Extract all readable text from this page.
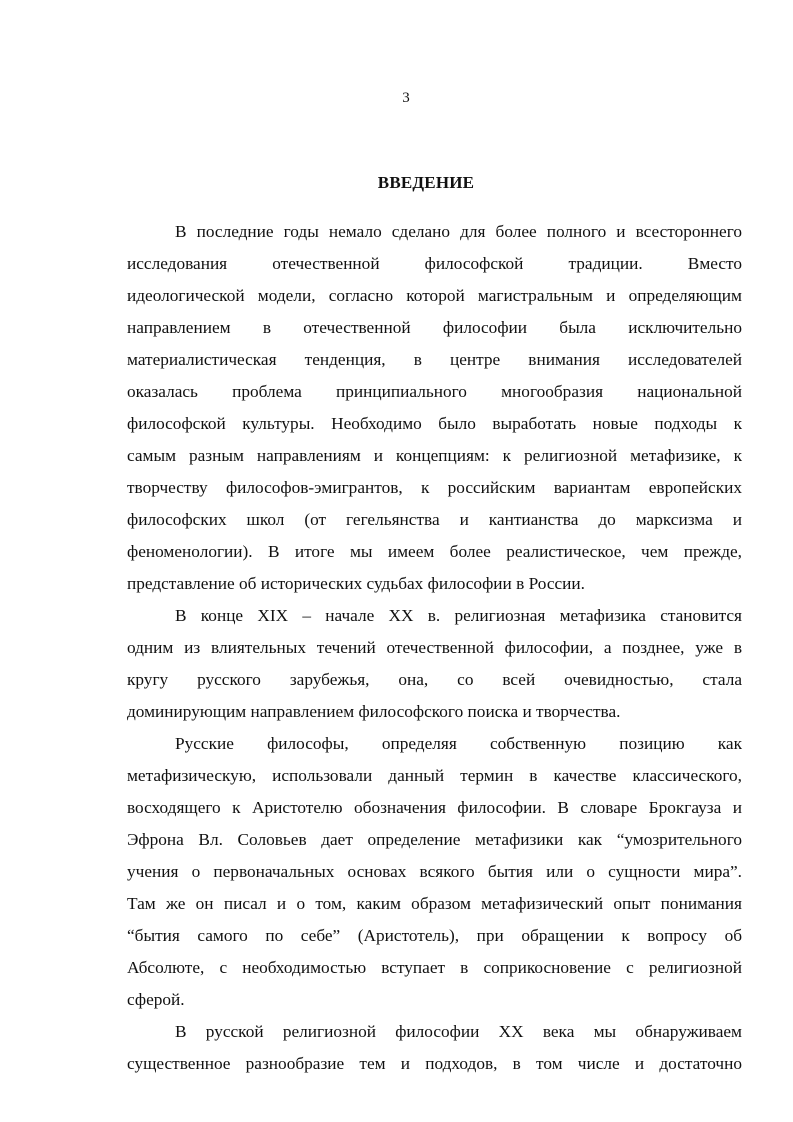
3
ВВЕДЕНИЕ
В последние годы немало сделано для более полного и всестороннего
исследования отечественной философской традиции. Вместо
идеологической модели, согласно которой магистральным и определяющим
направлением в отечественной философии была исключительно
материалистическая тенденция, в центре внимания исследователей
оказалась проблема принципиального многообразия национальной
философской культуры. Необходимо было выработать новые подходы к
самым разным направлениям и концепциям: к религиозной метафизике, к
творчеству философов-эмигрантов, к российским вариантам европейских
философских школ (от гегельянства и кантианства до марксизма и
феноменологии). В итоге мы имеем более реалистическое, чем прежде,
представление об исторических судьбах философии в России.
В конце XIX – начале XX в. религиозная метафизика становится
одним из влиятельных течений отечественной философии, а позднее, уже в
кругу русского зарубежья, она, со всей очевидностью, стала
доминирующим направлением философского поиска и творчества.
Русские философы, определяя собственную позицию как
метафизическую, использовали данный термин в качестве классического,
восходящего к Аристотелю обозначения философии. В словаре Брокгауза и
Эфрона Вл. Соловьев дает определение метафизики как “умозрительного
учения о первоначальных основах всякого бытия или о сущности мира”.
Там же он писал и о том, каким образом метафизический опыт понимания
“бытия самого по себе” (Аристотель), при обращении к вопросу об
Абсолюте, с необходимостью вступает в соприкосновение с религиозной
сферой.
В русской религиозной философии XX века мы обнаруживаем
существенное разнообразие тем и подходов, в том числе и достаточно
